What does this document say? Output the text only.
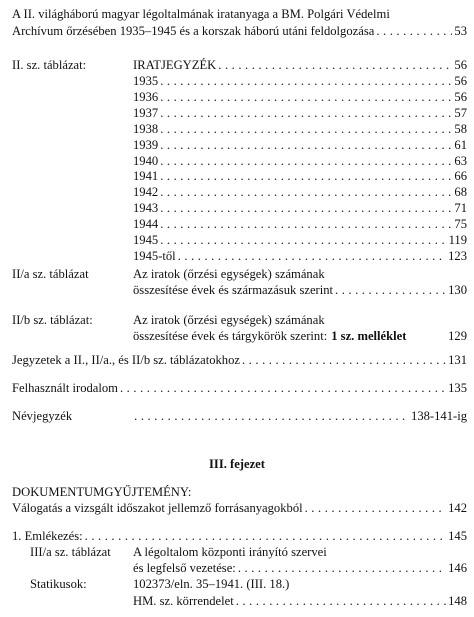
A II. világháború magyar légoltalmának iratanyaga a BM. Polgári Védelmi
Archívum őrzésében 1935–1945 és a korszak háború utáni feldolgozása . . .	53
II. sz. táblázat:	IRATJEGYZÉK . . .	56
1935 . . .	56
1936 . . .	56
1937 . . .	57
1938 . . .	58
1939 . . .	61
1940 . . .	63
1941 . . .	66
1942 . . .	68
1943 . . .	71
1944 . . .	75
1945 . . .	119
1945-től . . .	123
II/a sz. táblázat	Az iratok (őrzési egységek) számának
összesítése évek és származásuk szerint . . .	130
II/b sz. táblázat:	Az iratok (őrzési egységek) számának
összesítése évek és tárgykörök szerint: 1 sz. melléklet	129
Jegyzetek a II., II/a., és II/b sz. táblázatokhoz . . .	131
Felhasznált irodalom . . .	135
Névjegyzék . . .	138-141-ig
III. fejezet
DOKUMENTUMGYŰJTEMÉNY:
Válogatás a vizsgált időszakot jellemző forrásanyagokból . . .	142
1. Emlékezés: . . .	145
III/a sz. táblázat A légoltalom központi irányító szervei
és legfelső vezetése: . . .	146
Statikusok:	102373/eln. 35–1941. (III. 18.)
HM. sz. körrendelet . . .	148
